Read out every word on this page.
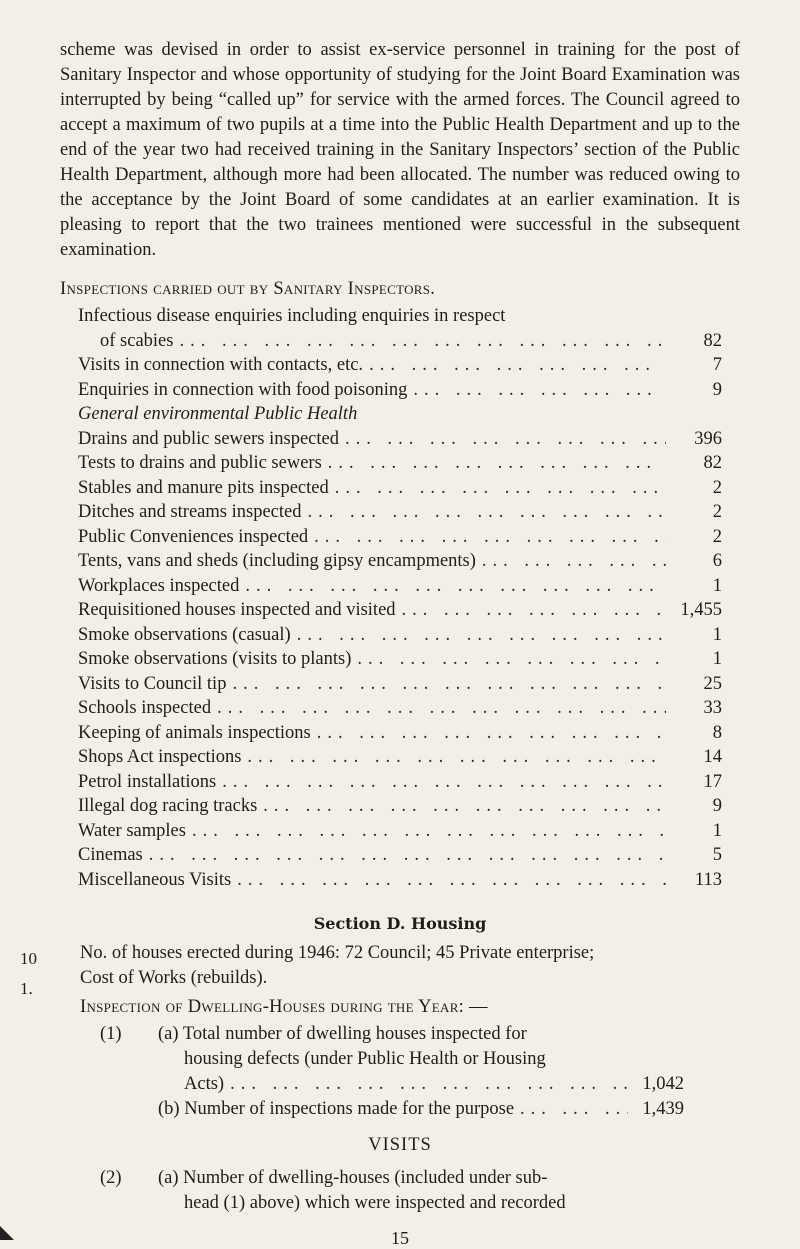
scheme was devised in order to assist ex-service personnel in training for the post of Sanitary Inspector and whose opportunity of studying for the Joint Board Examination was interrupted by being “called up” for service with the armed forces. The Council agreed to accept a maximum of two pupils at a time into the Public Health Department and up to the end of the year two had received training in the Sanitary Inspectors’ section of the Public Health Department, although more had been allocated. The number was reduced owing to the acceptance by the Joint Board of some candidates at an earlier examination. It is pleasing to report that the two trainees mentioned were successful in the subsequent examination.

Inspections carried out by Sanitary Inspectors.
Infectious disease enquiries including enquiries in respect
of scabies ... .	82
Visits in connection with contacts, etc. ... .	7
Enquiries in connection with food poisoning ... .	9
General environmental Public Health
Drains and public sewers inspected ... .	396
Tests to drains and public sewers ... .	82
Stables and manure pits inspected ... .	2
Ditches and streams inspected ... .	2
Public Conveniences inspected ... .	2
Tents, vans and sheds (including gipsy encampments) ... .	6
Workplaces inspected ... .	1
Requisitioned houses inspected and visited ... .	1,455
Smoke observations (casual) ... .	1
Smoke observations (visits to plants) ... .	1
Visits to Council tip ... .	25
Schools inspected ... .	33
Keeping of animals inspections ... .	8
Shops Act inspections ... .	14
Petrol installations ... .	17
Illegal dog racing tracks ... .	9
Water samples ... .	1
Cinemas ... .	5
Miscellaneous Visits ... .	113
Section D. Housing
10
1.

No. of houses erected during 1946: 72 Council; 45 Private enterprise;

Cost of Works (rebuilds).

Inspection of Dwelling-Houses during the Year: —
(1)	(a) Total number of dwelling houses inspected for
housing defects (under Public Health or Housing
Acts) ... .	1,042
(b) Number of inspections made for the purpose ... .	1,439
VISITS
(2)	(a) Number of dwelling-houses (included under sub-
head (1) above) which were inspected and recorded
15
